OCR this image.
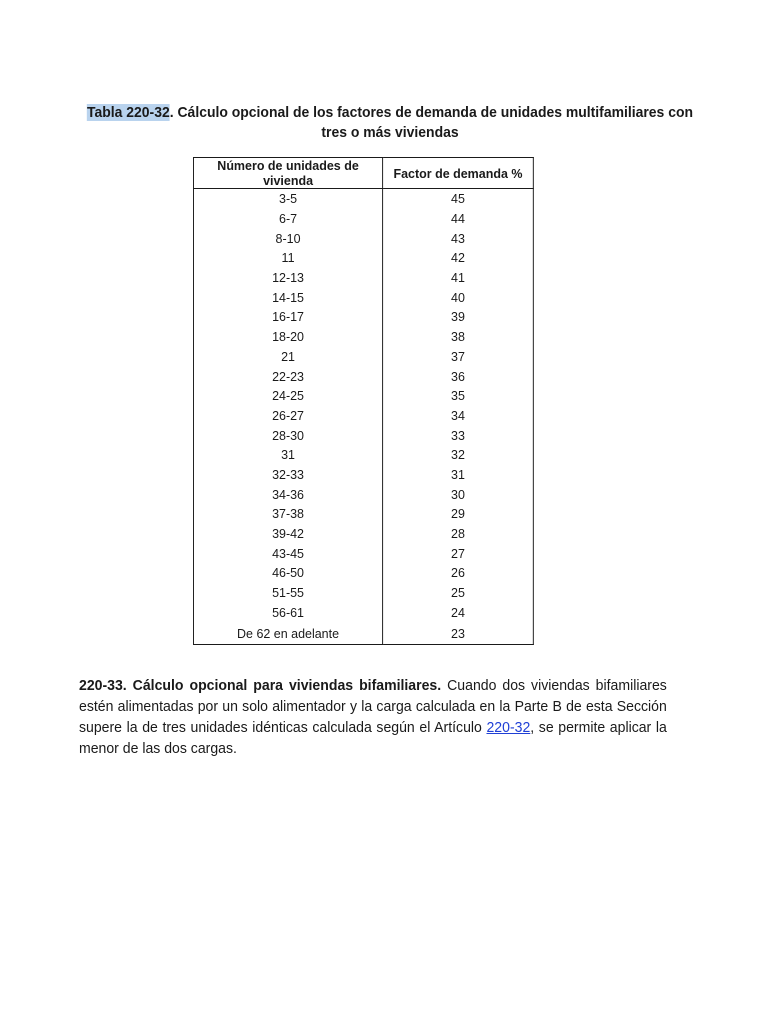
Tabla 220-32. Cálculo opcional de los factores de demanda de unidades multifamiliares con tres o más viviendas
Número de unidades de vivienda	Factor de demanda %
3-5	45
6-7	44
8-10	43
11	42
12-13	41
14-15	40
16-17	39
18-20	38
21	37
22-23	36
24-25	35
26-27	34
28-30	33
31	32
32-33	31
34-36	30
37-38	29
39-42	28
43-45	27
46-50	26
51-55	25
56-61	24
De 62 en adelante	23
220-33. Cálculo opcional para viviendas bifamiliares. Cuando dos viviendas bifamiliares estén alimentadas por un solo alimentador y la carga calculada en la Parte B de esta Sección supere la de tres unidades idénticas calculada según el Artículo 220-32, se permite aplicar la menor de las dos cargas.
